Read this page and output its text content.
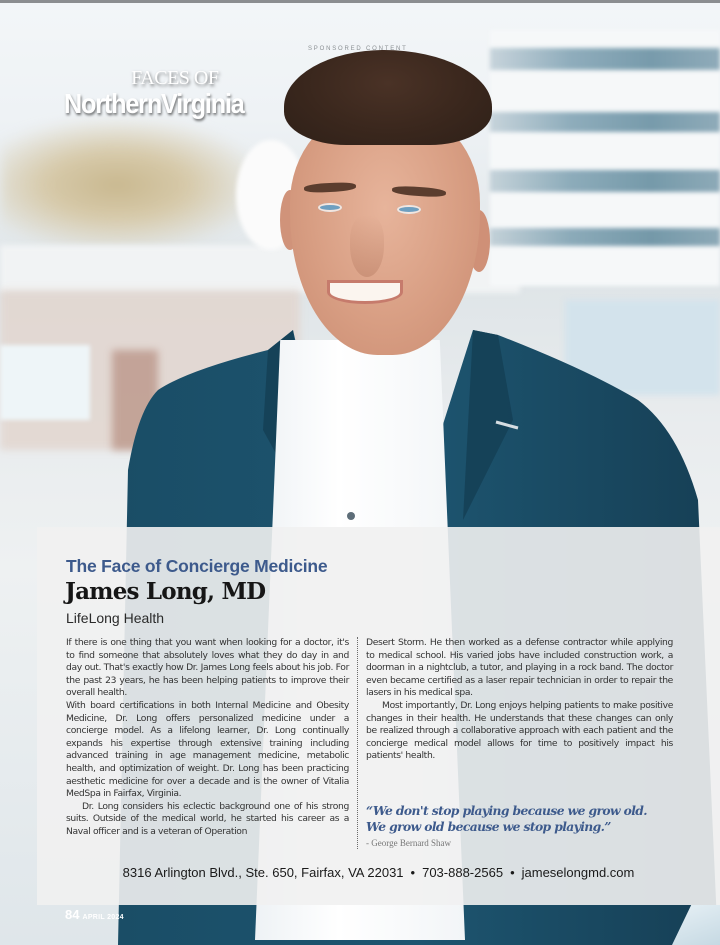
SPONSORED CONTENT
FACES OF
NorthernVirginia
The Face of Concierge Medicine
James Long, MD
LifeLong Health

If there is one thing that you want when looking for a doctor, it's to find someone that absolutely loves what they do day in and day out. That's exactly how Dr. James Long feels about his job. For the past 23 years, he has been helping patients to improve their overall health.

With board certifications in both Internal Medicine and Obesity Medicine, Dr. Long offers personalized medicine under a concierge model. As a lifelong learner, Dr. Long continually expands his expertise through extensive training including advanced training in age management medicine, metabolic health, and optimization of weight. Dr. Long has been practicing aesthetic medicine for over a decade and is the owner of Vitalia MedSpa in Fairfax, Virginia.

Dr. Long considers his eclectic background one of his strong suits. Outside of the medical world, he started his career as a Naval officer and is a veteran of Operation

Desert Storm. He then worked as a defense contractor while applying to medical school. His varied jobs have included construction work, a doorman in a nightclub, a tutor, and playing in a rock band. The doctor even became certified as a laser repair technician in order to repair the lasers in his medical spa.

Most importantly, Dr. Long enjoys helping patients to make positive changes in their health. He understands that these changes can only be realized through a collaborative approach with each patient and the concierge medical model allows for time to positively impact his patients' health.

“We don't stop playing because we grow old.
We grow old because we stop playing.”
- George Bernard Shaw
8316 Arlington Blvd., Ste. 650, Fairfax, VA 22031 • 703-888-2565 • jameselongmd.com
84 APRIL 2024
